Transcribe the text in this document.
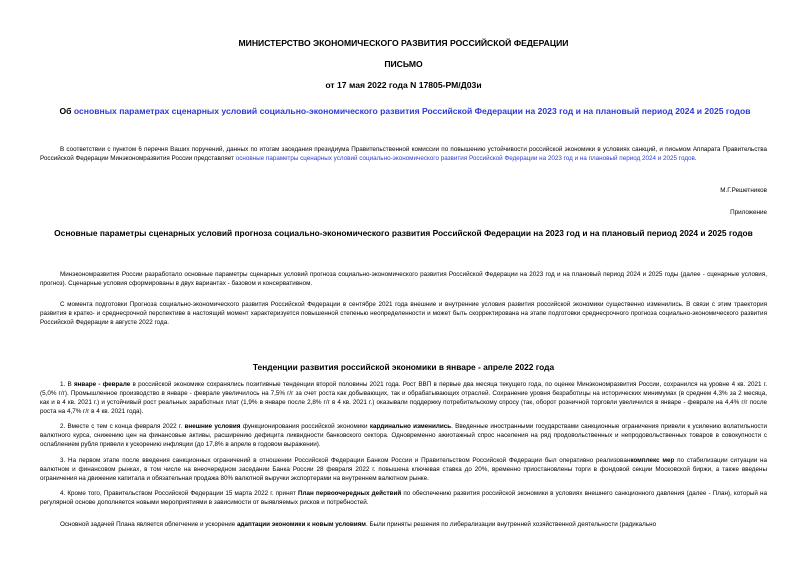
МИНИСТЕРСТВО ЭКОНОМИЧЕСКОГО РАЗВИТИЯ РОССИЙСКОЙ ФЕДЕРАЦИИ
ПИСЬМО
от 17 мая 2022 года N 17805-РМ/Д03и
Об основных параметрах сценарных условий социально-экономического развития Российской Федерации на 2023 год и на плановый период 2024 и 2025 годов
В соответствии с пунктом 6 перечня Ваших поручений, данных по итогам заседания президиума Правительственной комиссии по повышению устойчивости российской экономики в условиях санкций, и письмом Аппарата Правительства Российской Федерации Минэкономразвития России представляет основные параметры сценарных условий социально-экономического развития Российской Федерации на 2023 год и на плановый период 2024 и 2025 годов.
М.Г.Решетников
Приложение
Основные параметры сценарных условий прогноза социально-экономического развития Российской Федерации на 2023 год и на плановый период 2024 и 2025 годов
Минэкономразвития России разработало основные параметры сценарных условий прогноза социально-экономического развития Российской Федерации на 2023 год и на плановый период 2024 и 2025 годы (далее - сценарные условия, прогноз). Сценарные условия сформированы в двух вариантах - базовом и консервативном.
С момента подготовки Прогноза социально-экономического развития Российской Федерации в сентябре 2021 года внешние и внутренние условия развития российской экономики существенно изменились. В связи с этим траектория развития в кратко- и среднесрочной перспективе в настоящий момент характеризуется повышенной степенью неопределенности и может быть скорректирована на этапе подготовки среднесрочного прогноза социально-экономического развития Российской Федерации в августе 2022 года.
Тенденции развития российской экономики в январе - апреле 2022 года
1. В январе - феврале в российской экономике сохранялись позитивные тенденции второй половины 2021 года. Рост ВВП в первые два месяца текущего года, по оценке Минэкономразвития России, сохранился на уровне 4 кв. 2021 г. (5,0% г/г). Промышленное производство в январе - феврале увеличилось на 7,5% г/г за счет роста как добывающих, так и обрабатывающих отраслей. Сохранение уровня безработицы на исторических минимумах (в среднем 4,3% за 2 месяца, как и в 4 кв. 2021 г.) и устойчивый рост реальных заработных плат (1,9% в январе после 2,8% г/г в 4 кв. 2021 г.) оказывали поддержку потребительскому спросу (так, оборот розничной торговли увеличился в январе - феврале на 4,4% г/г после роста на 4,7% г/г в 4 кв. 2021 года).
2. Вместе с тем с конца февраля 2022 г. внешние условия функционирования российской экономики кардинально изменились. Введенные иностранными государствами санкционные ограничения привели к усилению волатильности валютного курса, снижению цен на финансовые активы, расширению дефицита ликвидности банковского сектора. Одновременно ажиотажный спрос населения на ряд продовольственных и непродовольственных товаров в совокупности с ослаблением рубля привели к ускорению инфляции (до 17,8% в апреле в годовом выражении).
3. На первом этапе после введения санкционных ограничений в отношении Российской Федерации Банком России и Правительством Российской Федерации был оперативно реализованкомплекс мер по стабилизации ситуации на валютном и финансовом рынках, в том числе на внеочередном заседании Банка России 28 февраля 2022 г. повышена ключевая ставка до 20%, временно приостановлены торги в фондовой секции Московской биржи, а также введены ограничения на движение капитала и обязательная продажа 80% валютной выручки экспортерами на внутреннем валютном рынке.
4. Кроме того, Правительством Российской Федерации 15 марта 2022 г. принят План первоочередных действий по обеспечению развития российской экономики в условиях внешнего санкционного давления (далее - План), который на регулярной основе дополняется новыми мероприятиями в зависимости от выявляемых рисков и потребностей.
Основной задачей Плана является облегчение и ускорение адаптации экономики к новым условиям. Были приняты решения по либерализации внутренней хозяйственной деятельности (радикально
